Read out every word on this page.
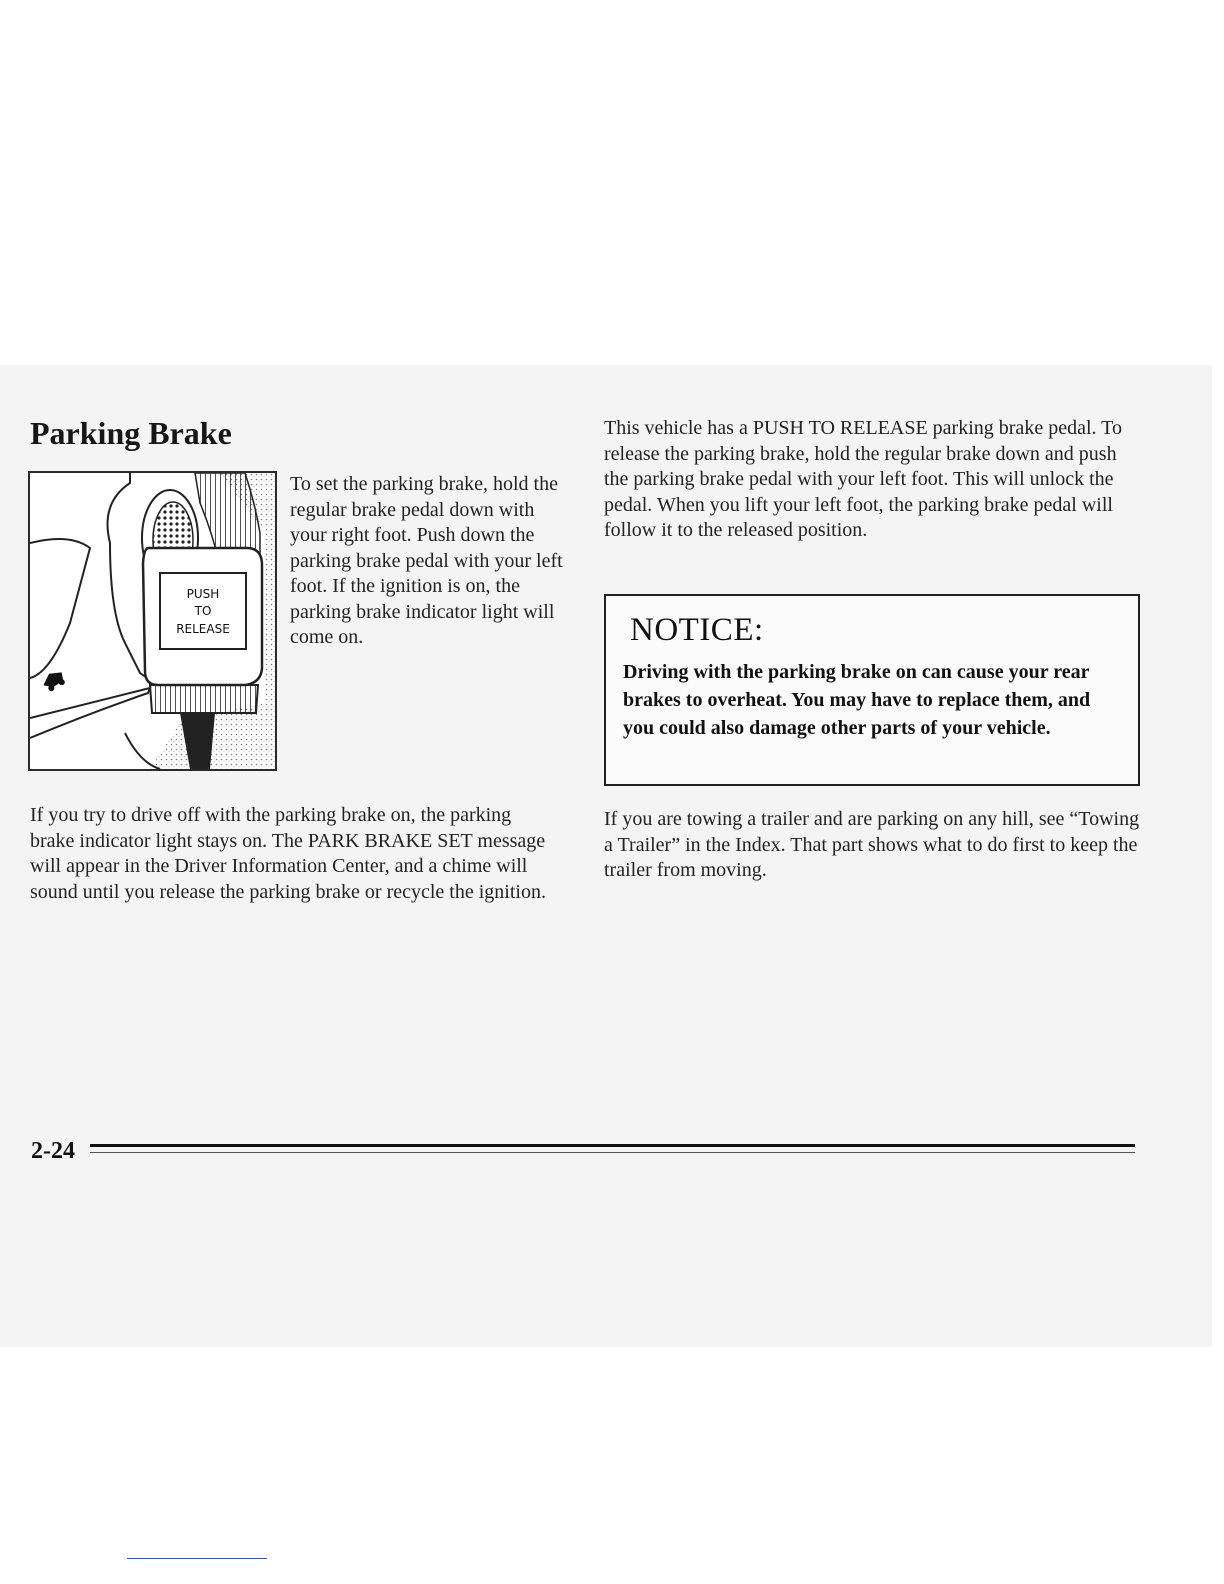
Parking Brake
PUSH
TO
RELEASE

To set the parking brake, hold the regular brake pedal down with your right foot. Push down the parking brake pedal with your left foot. If the ignition is on, the parking brake indicator light will come on.

If you try to drive off with the parking brake on, the parking brake indicator light stays on. The PARK BRAKE SET message will appear in the Driver Information Center, and a chime will sound until you release the parking brake or recycle the ignition.

This vehicle has a PUSH TO RELEASE parking brake pedal. To release the parking brake, hold the regular brake down and push the parking brake pedal with your left foot. This will unlock the pedal. When you lift your left foot, the parking brake pedal will follow it to the released position.

NOTICE:

Driving with the parking brake on can cause your rear brakes to overheat. You may have to replace them, and you could also damage other parts of your vehicle.

If you are towing a trailer and are parking on any hill, see “Towing a Trailer” in the Index. That part shows what to do first to keep the trailer from moving.

2-24
